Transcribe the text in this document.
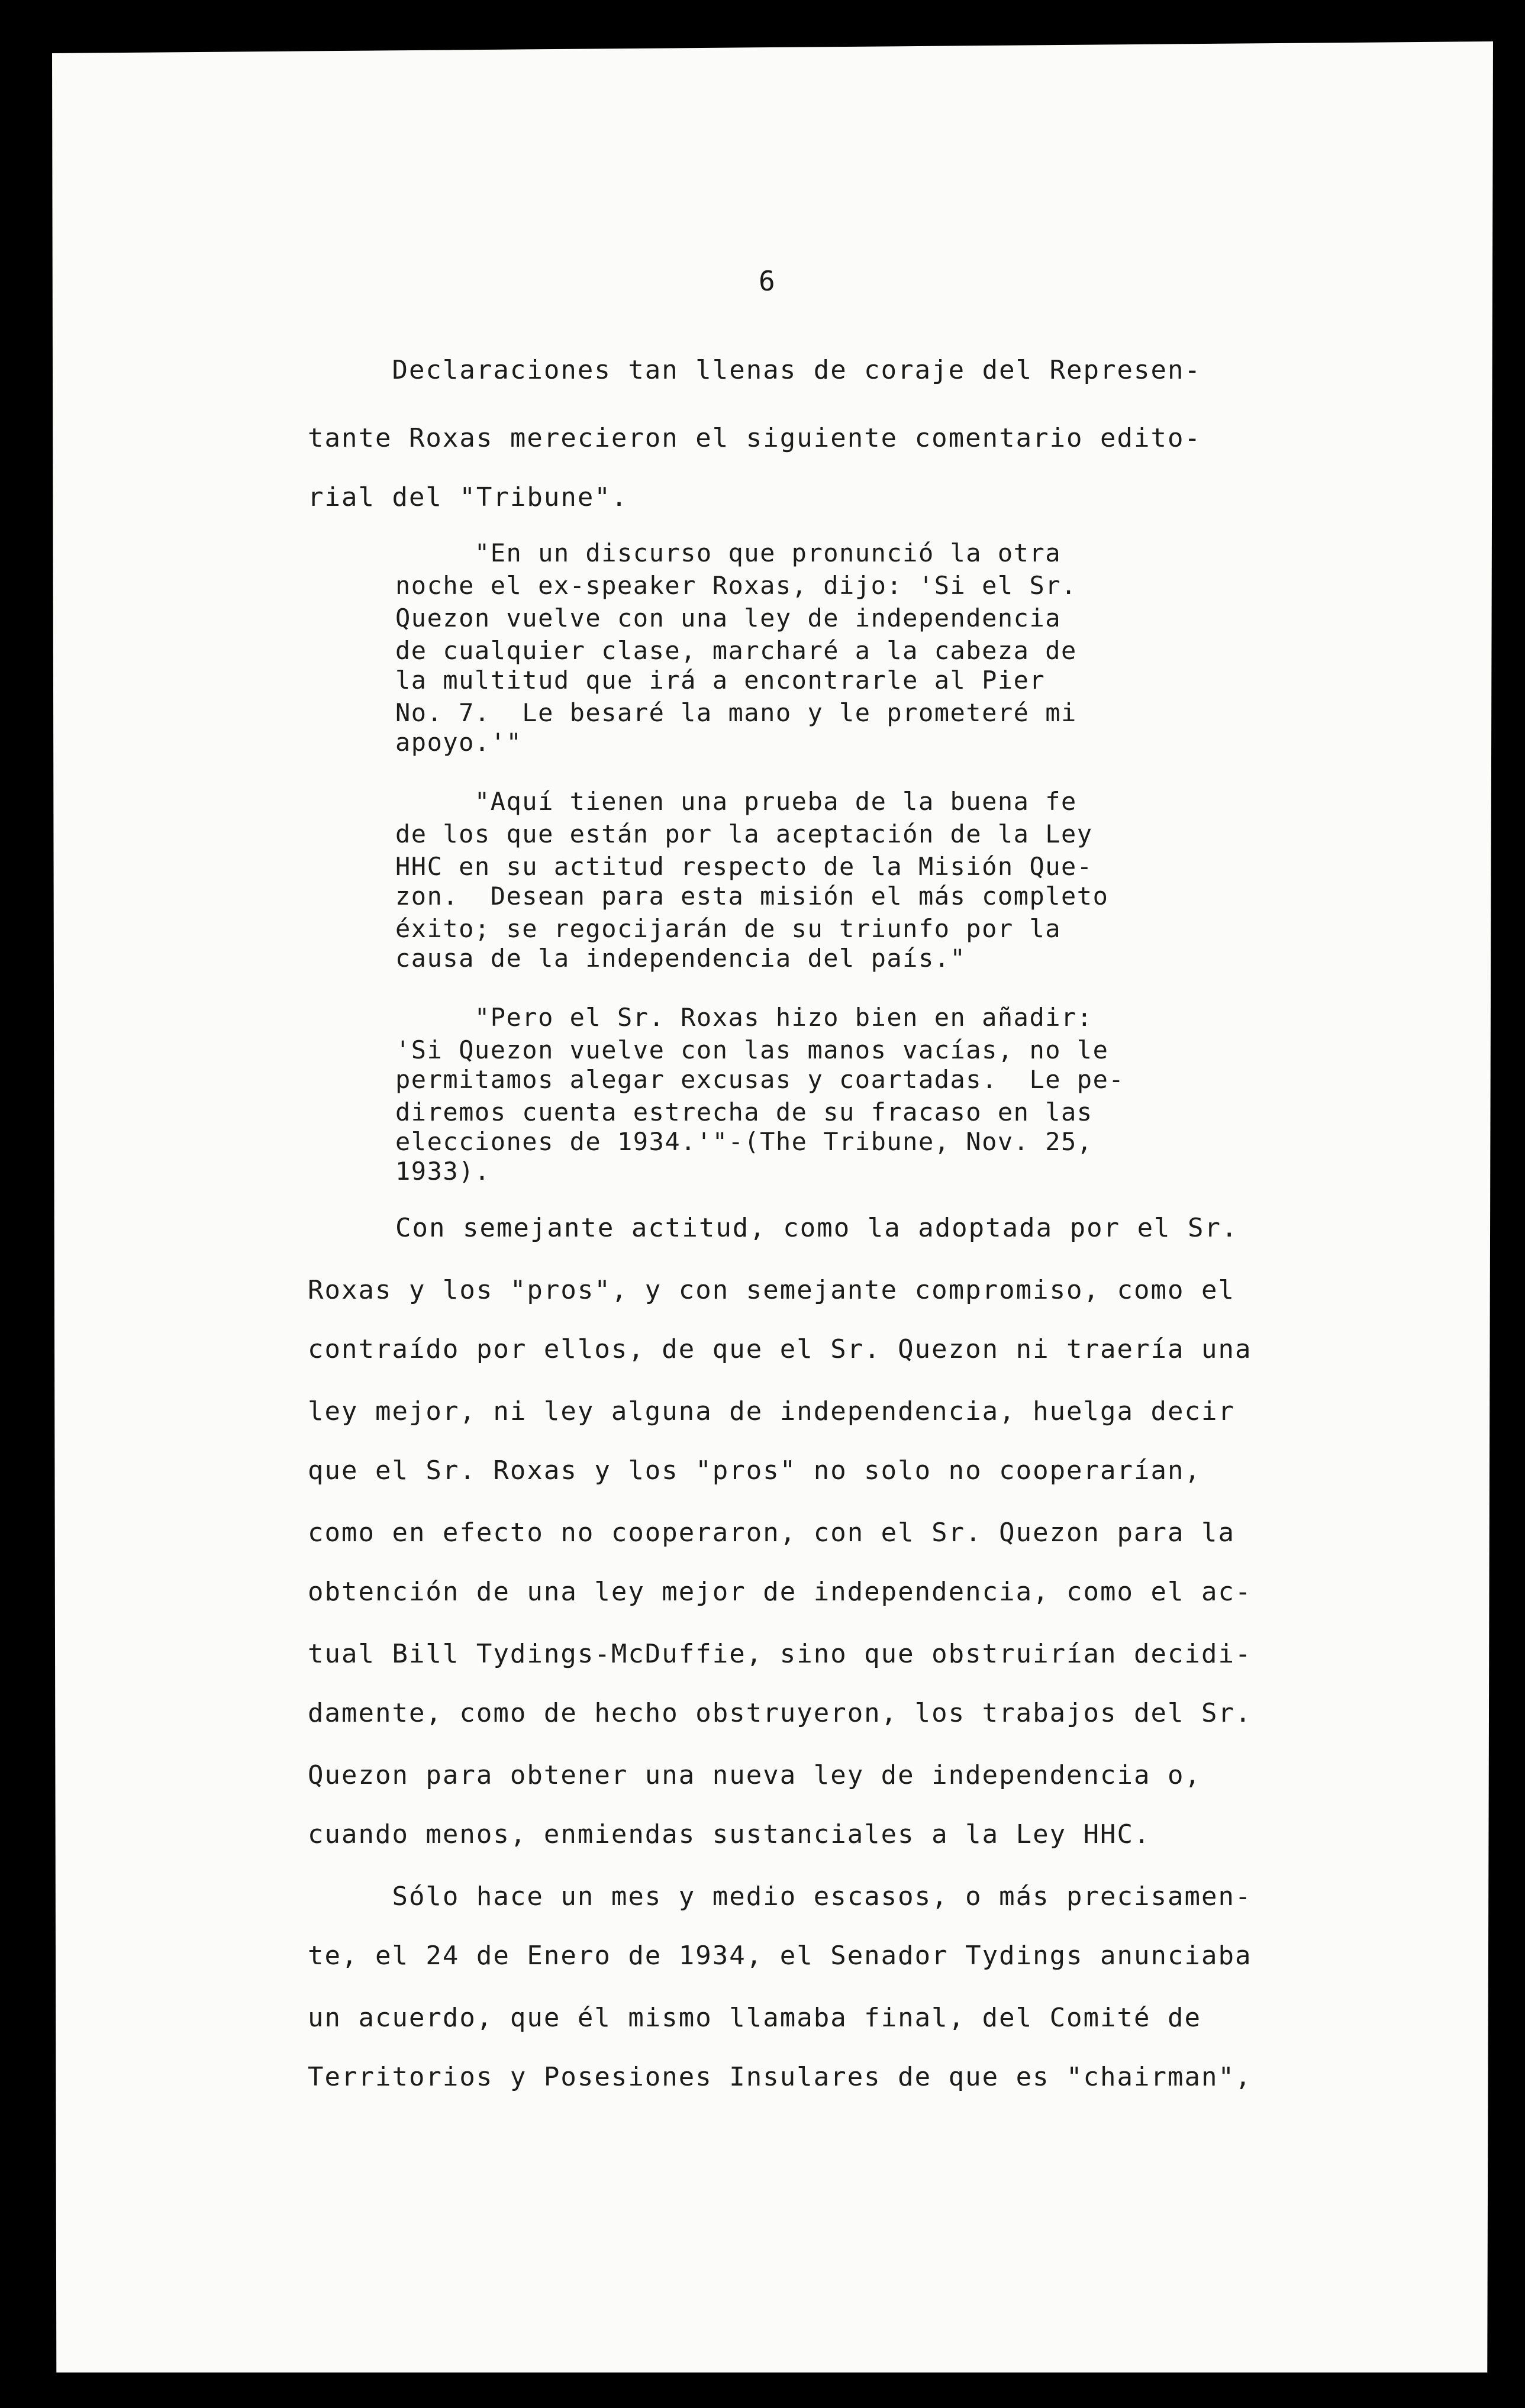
6
Declaraciones tan llenas de coraje del Represen-
tante Roxas merecieron el siguiente comentario edito-
rial del "Tribune".
"En un discurso que pronunció la otra
noche el ex-speaker Roxas, dijo: 'Si el Sr.
Quezon vuelve con una ley de independencia
de cualquier clase, marcharé a la cabeza de
la multitud que irá a encontrarle al Pier
No. 7.  Le besaré la mano y le prometeré mi
apoyo.'"
"Aquí tienen una prueba de la buena fe
de los que están por la aceptación de la Ley
HHC en su actitud respecto de la Misión Que-
zon.  Desean para esta misión el más completo
éxito; se regocijarán de su triunfo por la
causa de la independencia del país."
"Pero el Sr. Roxas hizo bien en añadir:
'Si Quezon vuelve con las manos vacías, no le
permitamos alegar excusas y coartadas.  Le pe-
diremos cuenta estrecha de su fracaso en las
elecciones de 1934.'"-(The Tribune, Nov. 25,
1933).
Con semejante actitud, como la adoptada por el Sr.
Roxas y los "pros", y con semejante compromiso, como el
contraído por ellos, de que el Sr. Quezon ni traería una
ley mejor, ni ley alguna de independencia, huelga decir
que el Sr. Roxas y los "pros" no solo no cooperarían,
como en efecto no cooperaron, con el Sr. Quezon para la
obtención de una ley mejor de independencia, como el ac-
tual Bill Tydings-McDuffie, sino que obstruirían decidi-
damente, como de hecho obstruyeron, los trabajos del Sr.
Quezon para obtener una nueva ley de independencia o,
cuando menos, enmiendas sustanciales a la Ley HHC.
Sólo hace un mes y medio escasos, o más precisamen-
te, el 24 de Enero de 1934, el Senador Tydings anunciaba
un acuerdo, que él mismo llamaba final, del Comité de
Territorios y Posesiones Insulares de que es "chairman",
